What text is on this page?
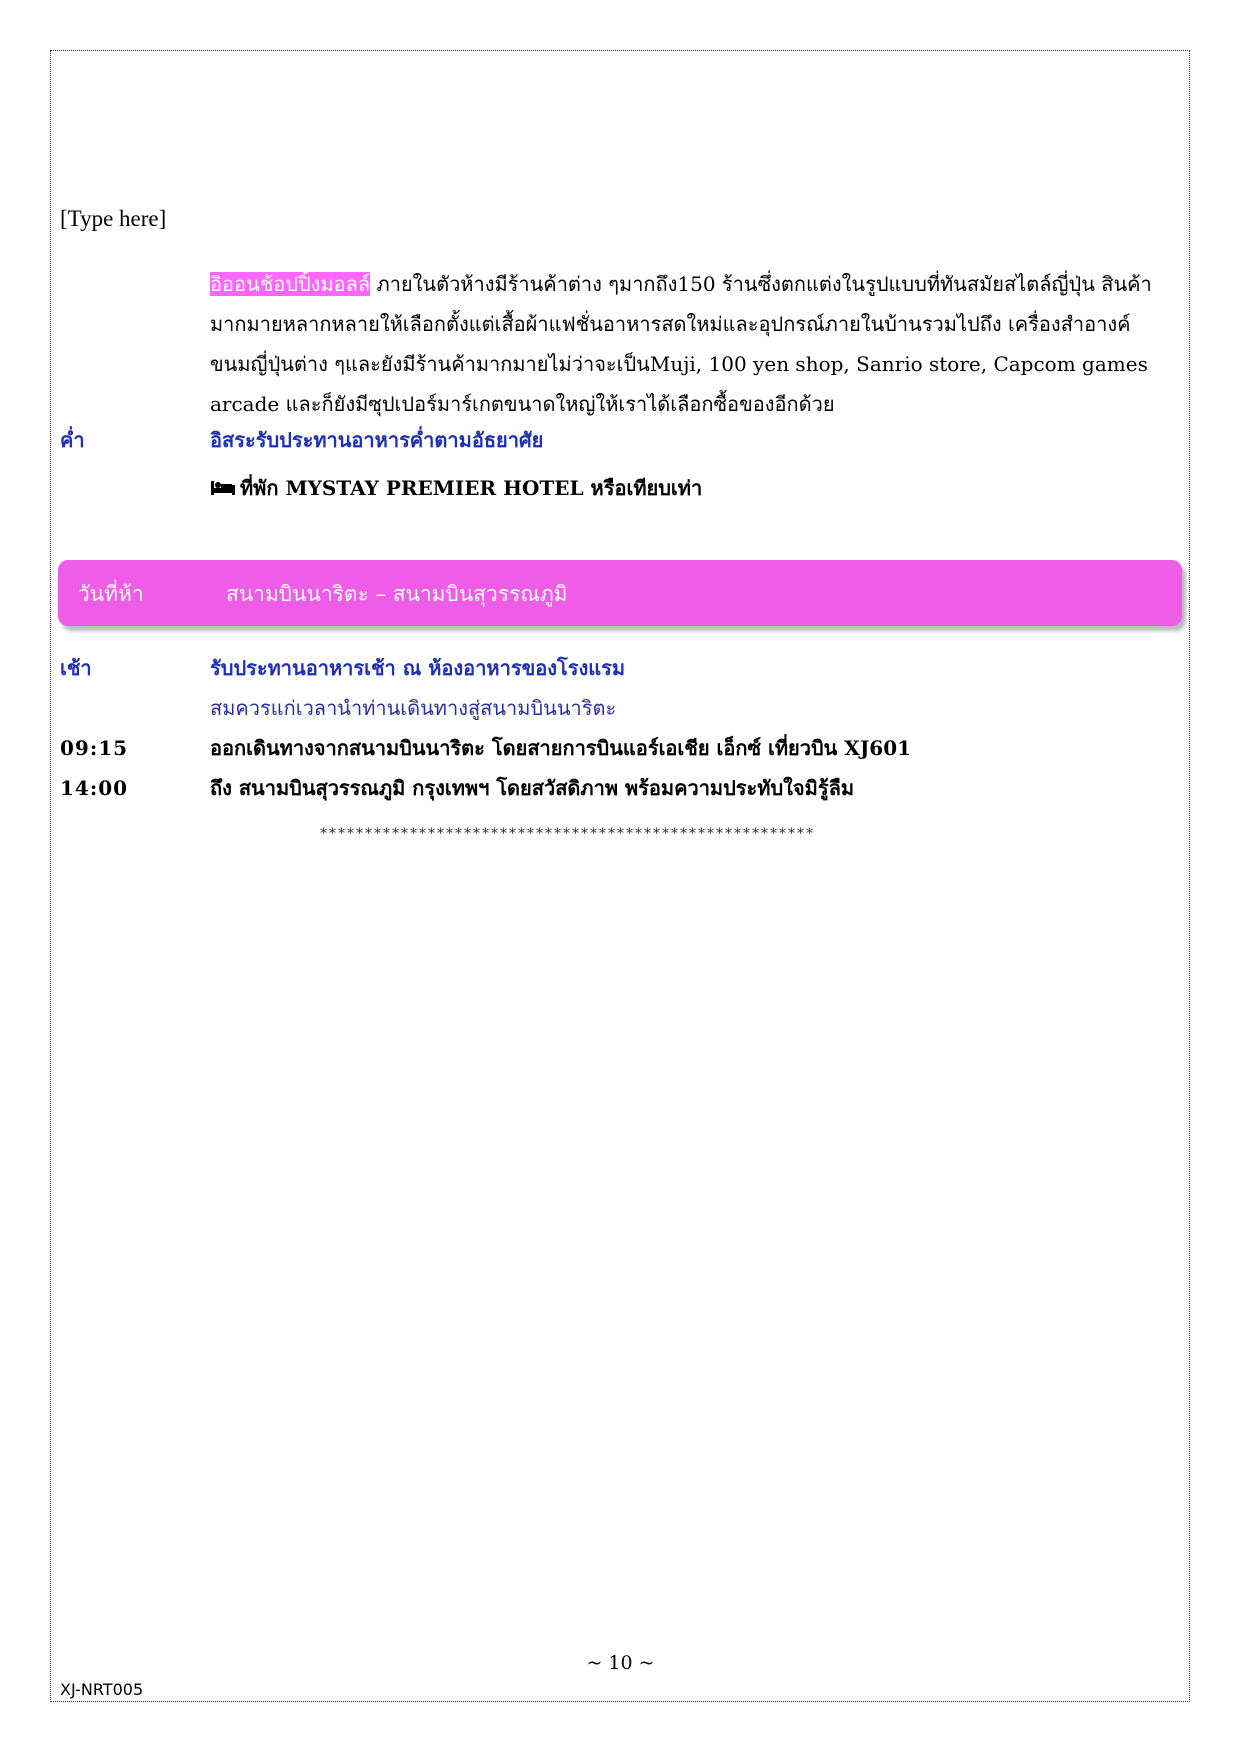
[Type here]

อิออนช้อปปิ้งมอลล์ ภายในตัวห้างมีร้านค้าต่าง ๆมากถึง150 ร้านซึ่งตกแต่งในรูปแบบที่ทันสมัยสไตล์ญี่ปุ่น สินค้ามากมายหลากหลายให้เลือกตั้งแต่เสื้อผ้าแฟชั่นอาหารสดใหม่และอุปกรณ์ภายในบ้านรวมไปถึง เครื่องสำอางค์ขนมญี่ปุ่นต่าง ๆและยังมีร้านค้ามากมายไม่ว่าจะเป็นMuji, 100 yen shop, Sanrio store, Capcom games arcade และก็ยังมีซุปเปอร์มาร์เกตขนาดใหญ่ให้เราได้เลือกซื้อของอีกด้วย

ค่ำ	อิสระรับประทานอาหารค่ำตามอัธยาศัย
ที่พัก MYSTAY PREMIER HOTEL หรือเทียบเท่า
วันที่ห้า	สนามบินนาริตะ – สนามบินสุวรรณภูมิ
เช้า	รับประทานอาหารเช้า ณ ห้องอาหารของโรงแรม
สมควรแก่เวลานำท่านเดินทางสู่สนามบินนาริตะ
09:15	ออกเดินทางจากสนามบินนาริตะ โดยสายการบินแอร์เอเชีย เอ็กซ์ เที่ยวบิน XJ601
14:00	ถึง สนามบินสุวรรณภูมิ กรุงเทพฯ โดยสวัสดิภาพ พร้อมความประทับใจมิรู้ลืม
*******************************************************
~ 10 ~
XJ-NRT005
